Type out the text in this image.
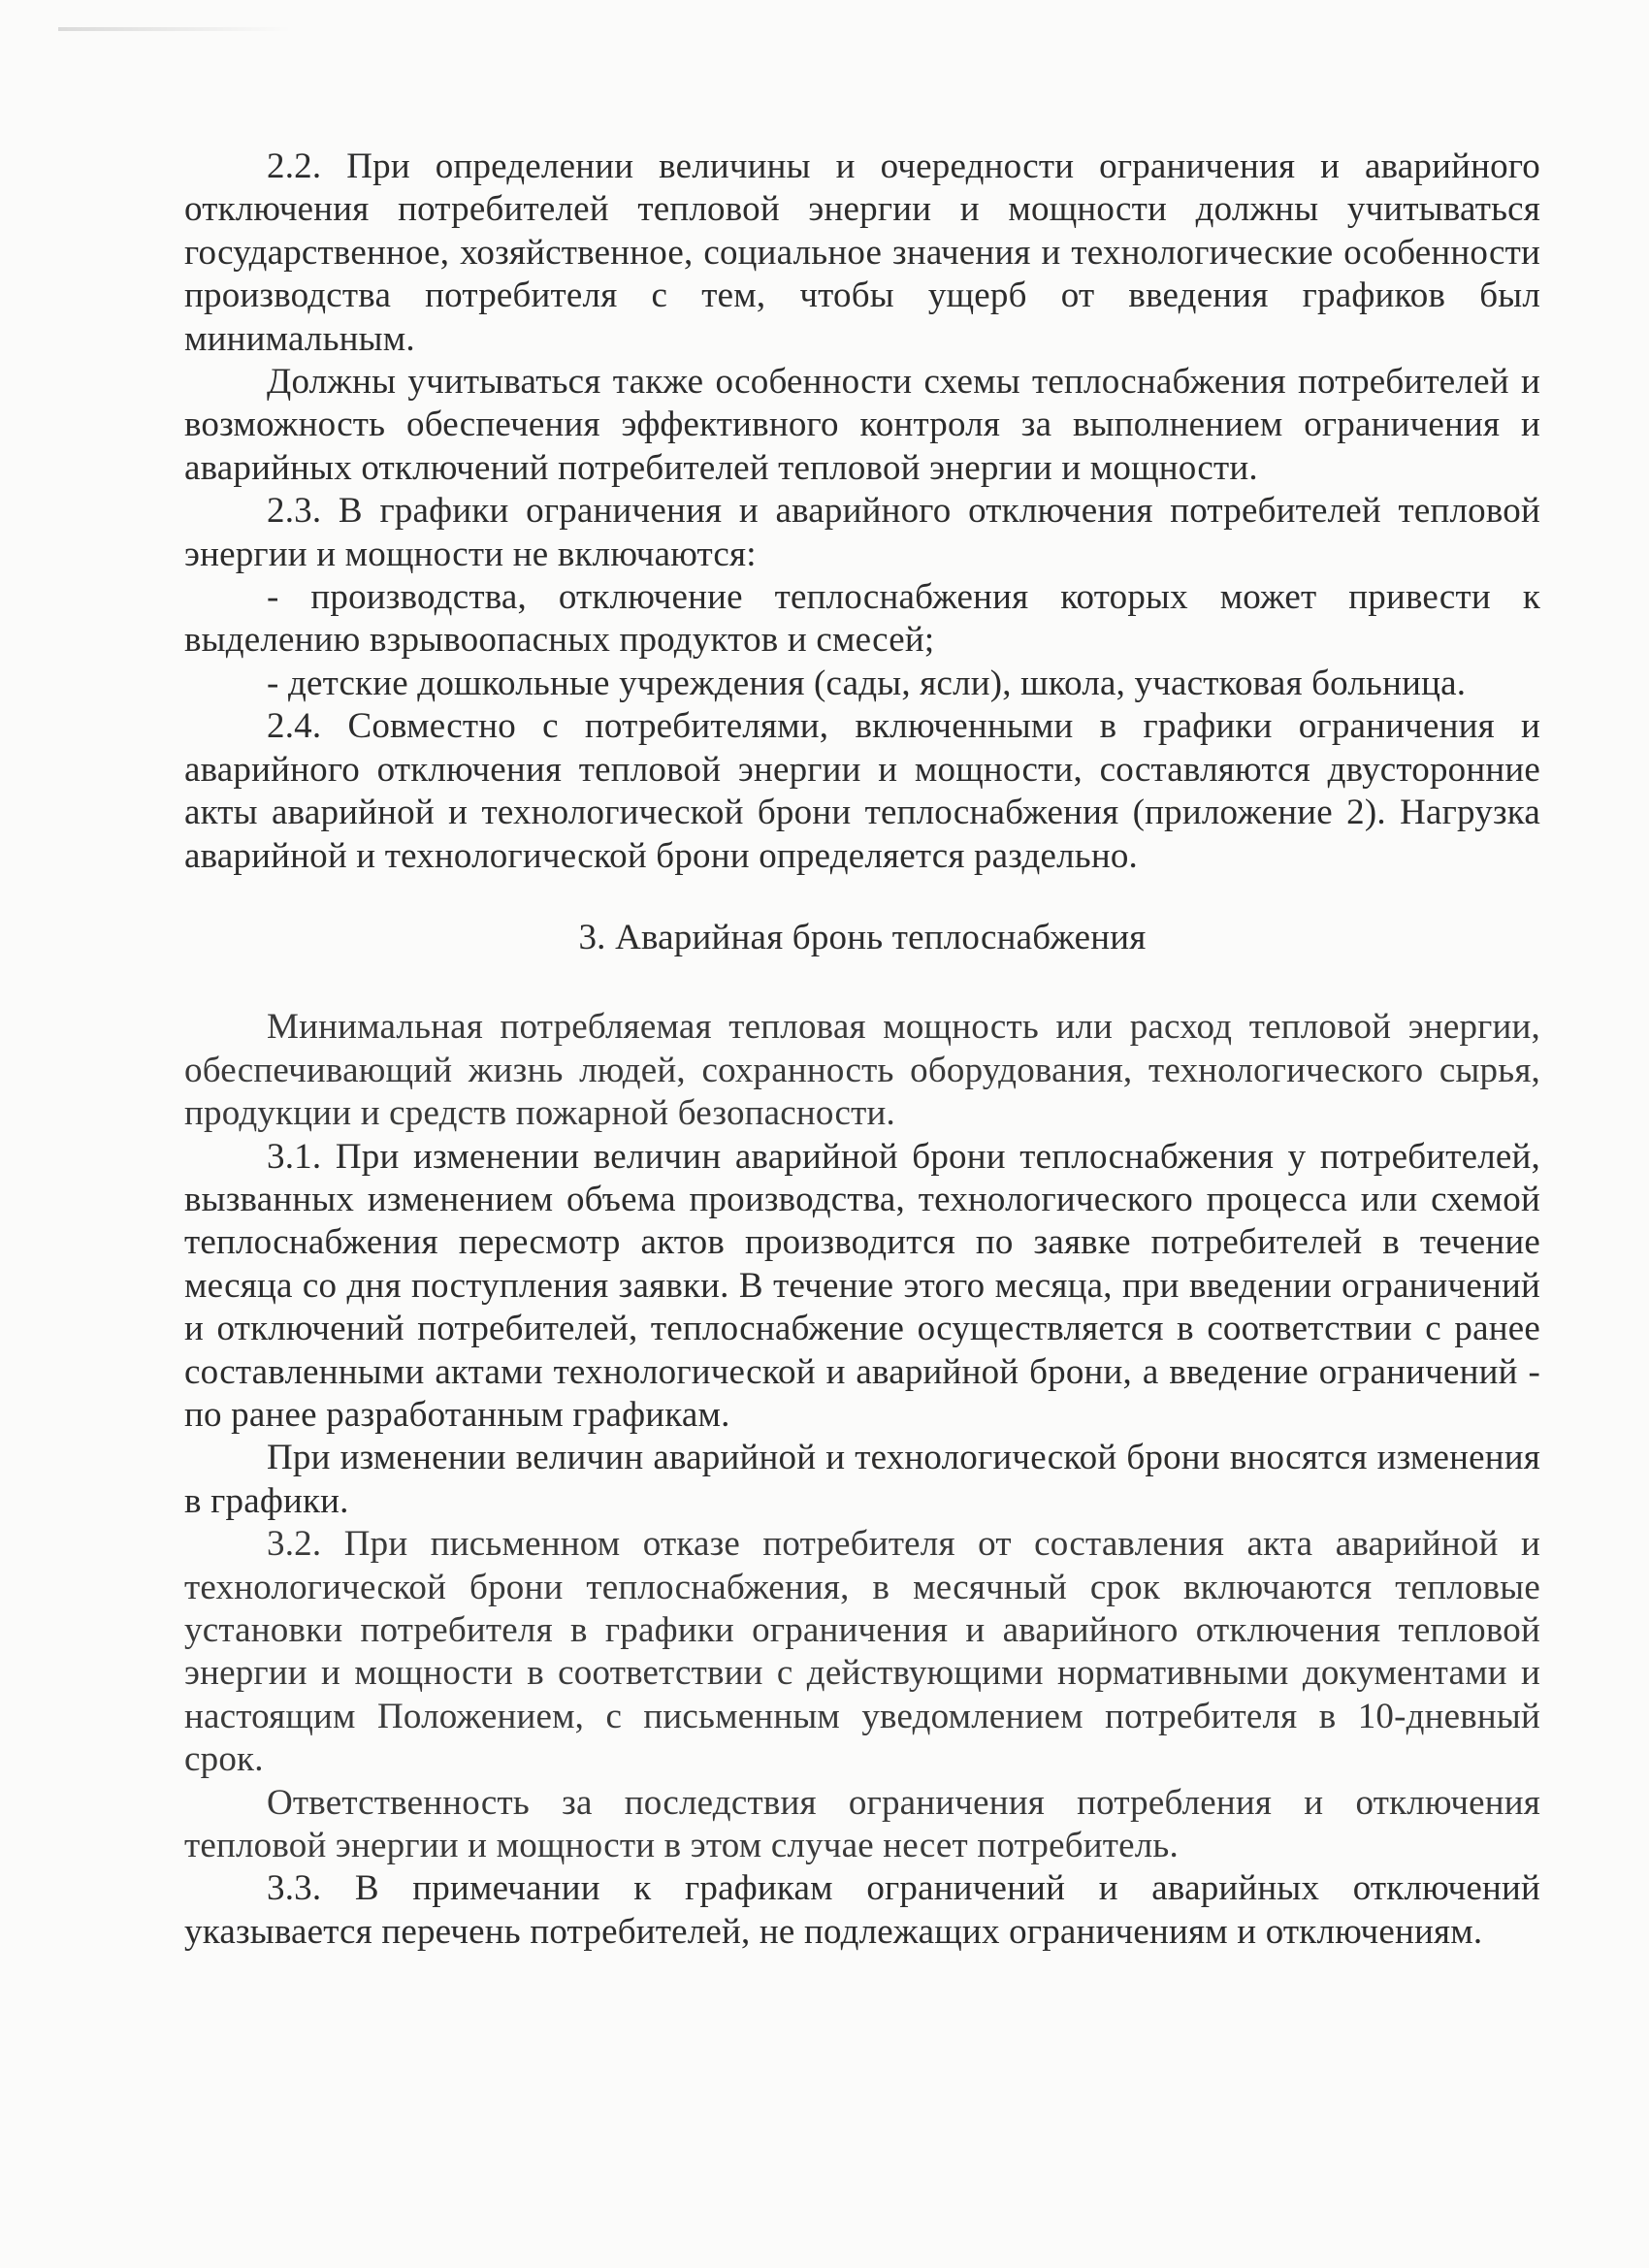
2.2. При определении величины и очередности ограничения и аварийного отключения потребителей тепловой энергии и мощности должны учитываться государственное, хозяйственное, социальное значения и технологические особенности производства потребителя с тем, чтобы ущерб от введения графиков был минимальным.

Должны учитываться также особенности схемы теплоснабжения потребителей и возможность обеспечения эффективного контроля за выполнением ограничения и аварийных отключений потребителей тепловой энергии и мощности.

2.3. В графики ограничения и аварийного отключения потребителей тепловой энергии и мощности не включаются:

- производства, отключение теплоснабжения которых может привести к выделению взрывоопасных продуктов и смесей;

- детские дошкольные учреждения (сады, ясли), школа, участковая больница.

2.4. Совместно с потребителями, включенными в графики ограничения и аварийного отключения тепловой энергии и мощности, составляются двусторонние акты аварийной и технологической брони теплоснабжения (приложение 2). Нагрузка аварийной и технологической брони определяется раздельно.

3. Аварийная бронь теплоснабжения

Минимальная потребляемая тепловая мощность или расход тепловой энергии, обеспечивающий жизнь людей, сохранность оборудования, технологического сырья, продукции и средств пожарной безопасности.

3.1. При изменении величин аварийной брони теплоснабжения у потребителей, вызванных изменением объема производства, технологического процесса или схемой теплоснабжения пересмотр актов производится по заявке потребителей в течение месяца со дня поступления заявки. В течение этого месяца, при введении ограничений и отключений потребителей, теплоснабжение осуществляется в соответствии с ранее составленными актами технологической и аварийной брони, а введение ограничений - по ранее разработанным графикам.

При изменении величин аварийной и технологической брони вносятся изменения в графики.

3.2. При письменном отказе потребителя от составления акта аварийной и технологической брони теплоснабжения, в месячный срок включаются тепловые установки потребителя в графики ограничения и аварийного отключения тепловой энергии и мощности в соответствии с действующими нормативными документами и настоящим Положением, с письменным уведомлением потребителя в 10-дневный срок.

Ответственность за последствия ограничения потребления и отключения тепловой энергии и мощности в этом случае несет потребитель.

3.3. В примечании к графикам ограничений и аварийных отключений указывается перечень потребителей, не подлежащих ограничениям и отключениям.
